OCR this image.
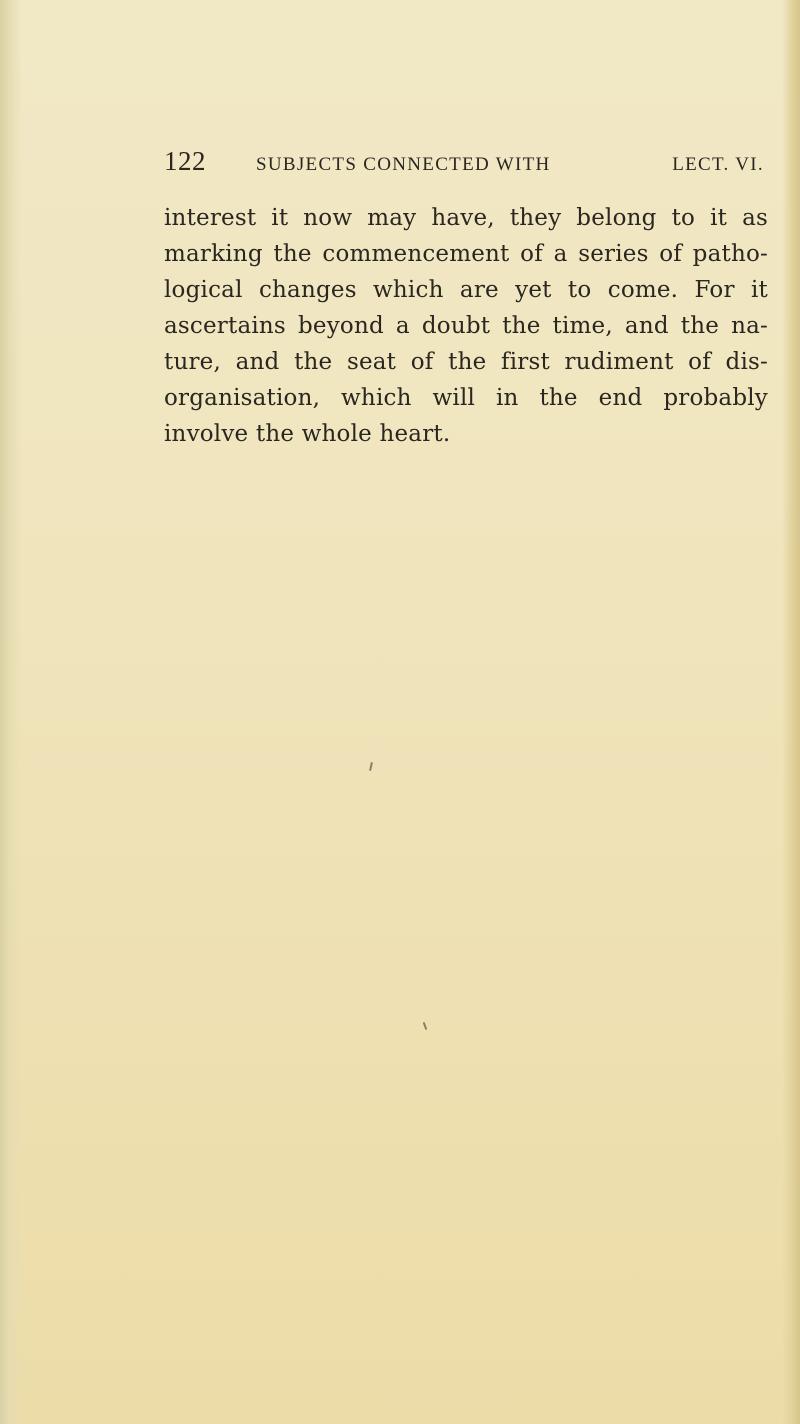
122	SUBJECTS CONNECTED WITH	LECT. VI.
interest it now may have, they belong to it as
marking the commencement of a series of patho-
logical changes which are yet to come. For it
ascertains beyond a doubt the time, and the na-
ture, and the seat of the first rudiment of dis-
organisation, which will in the end probably
involve the whole heart.
